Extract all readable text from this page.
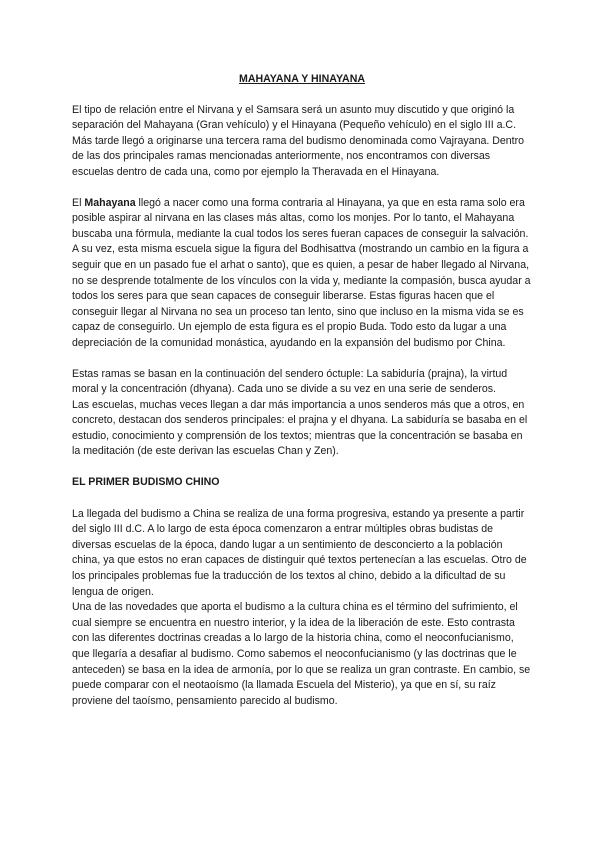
MAHAYANA Y HINAYANA

El tipo de relación entre el Nirvana y el Samsara será un asunto muy discutido y que originó la separación del Mahayana (Gran vehículo) y el Hinayana (Pequeño vehículo) en el siglo III a.C. Más tarde llegó a originarse una tercera rama del budismo denominada como Vajrayana. Dentro de las dos principales ramas mencionadas anteriormente, nos encontramos con diversas escuelas dentro de cada una, como por ejemplo la Theravada en el Hinayana.

El Mahayana llegó a nacer como una forma contraria al Hinayana, ya que en esta rama solo era posible aspirar al nirvana en las clases más altas, como los monjes. Por lo tanto, el Mahayana buscaba una fórmula, mediante la cual todos los seres fueran capaces de conseguir la salvación.

A su vez, esta misma escuela sigue la figura del Bodhisattva (mostrando un cambio en la figura a seguir que en un pasado fue el arhat o santo), que es quien, a pesar de haber llegado al Nirvana, no se desprende totalmente de los vínculos con la vida y, mediante la compasión, busca ayudar a todos los seres para que sean capaces de conseguir liberarse. Estas figuras hacen que el conseguir llegar al Nirvana no sea un proceso tan lento, sino que incluso en la misma vida se es capaz de conseguirlo. Un ejemplo de esta figura es el propio Buda. Todo esto da lugar a una depreciación de la comunidad monástica, ayudando en la expansión del budismo por China.

Estas ramas se basan en la continuación del sendero óctuple: La sabiduría (prajna), la virtud moral y la concentración (dhyana). Cada uno se divide a su vez en una serie de senderos.

Las escuelas, muchas veces llegan a dar más importancia a unos senderos más que a otros, en concreto, destacan dos senderos principales: el prajna y el dhyana. La sabiduría se basaba en el estudio, conocimiento y comprensión de los textos; mientras que la concentración se basaba en la meditación (de este derivan las escuelas Chan y Zen).

EL PRIMER BUDISMO CHINO

La llegada del budismo a China se realiza de una forma progresiva, estando ya presente a partir del siglo III d.C. A lo largo de esta época comenzaron a entrar múltiples obras budistas de diversas escuelas de la época, dando lugar a un sentimiento de desconcierto a la población china, ya que estos no eran capaces de distinguir qué textos pertenecían a las escuelas. Otro de los principales problemas fue la traducción de los textos al chino, debido a la dificultad de su lengua de origen.

Una de las novedades que aporta el budismo a la cultura china es el término del sufrimiento, el cual siempre se encuentra en nuestro interior, y la idea de la liberación de este. Esto contrasta con las diferentes doctrinas creadas a lo largo de la historia china, como el neoconfucianismo, que llegaría a desafiar al budismo. Como sabemos el neoconfucianismo (y las doctrinas que le anteceden) se basa en la idea de armonía, por lo que se realiza un gran contraste. En cambio, se puede comparar con el neotaoísmo (la llamada Escuela del Misterio), ya que en sí, su raíz proviene del taoísmo, pensamiento parecido al budismo.
